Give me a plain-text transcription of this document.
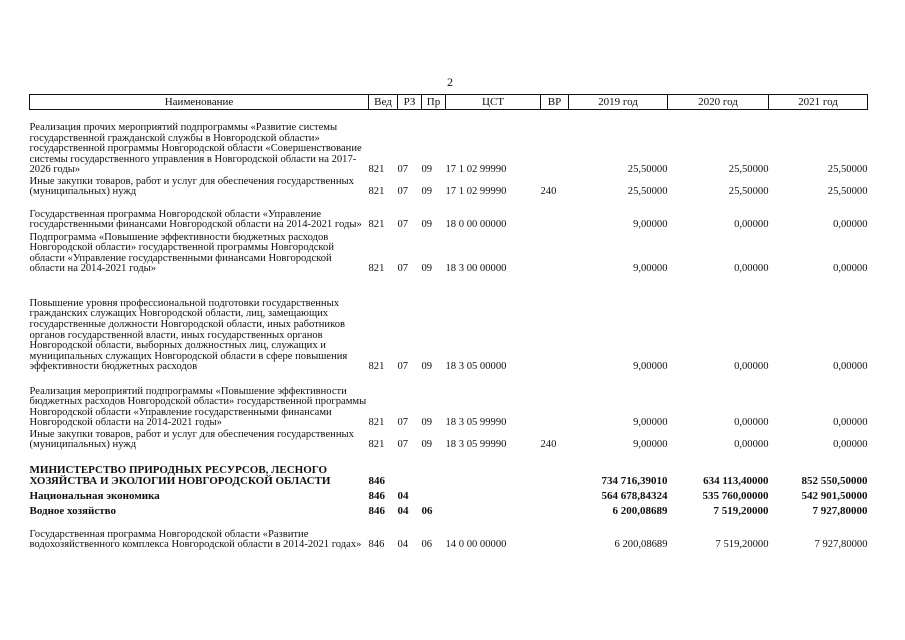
2
Наименование	Вед	РЗ	Пр	ЦСТ	ВР	2019 год	2020 год	2021 год
Реализация прочих мероприятий подпрограммы «Развитие системы государственной гражданской службы в Новгородской области» государственной программы Новгородской области «Совершенствование системы государственного управления в Новгородской области на 2017-2026 годы»	821	07	09	17 1 02 99990		25,50000	25,50000	25,50000
Иные закупки товаров, работ и услуг для обеспечения государственных (муниципальных) нужд	821	07	09	17 1 02 99990	240	25,50000	25,50000	25,50000
Государственная программа Новгородской области «Управление государственными финансами Новгородской области на 2014-2021 годы»	821	07	09	18 0 00 00000		9,00000	0,00000	0,00000
Подпрограмма «Повышение эффективности бюджетных расходов Новгородской области» государственной программы Новгородской области «Управление государственными финансами Новгородской области на 2014-2021 годы»	821	07	09	18 3 00 00000		9,00000	0,00000	0,00000
Повышение уровня профессиональной подготовки государственных гражданских служащих Новгородской области, лиц, замещающих государственные должности Новгородской области, иных работников органов государственной власти, иных государственных органов Новгородской области, выборных должностных лиц, служащих и муниципальных служащих Новгородской области в сфере повышения эффективности бюджетных расходов	821	07	09	18 3 05 00000		9,00000	0,00000	0,00000
Реализация мероприятий подпрограммы «Повышение эффективности бюджетных расходов Новгородской области» государственной программы Новгородской области «Управление государственными финансами Новгородской области на 2014-2021 годы»	821	07	09	18 3 05 99990		9,00000	0,00000	0,00000
Иные закупки товаров, работ и услуг для обеспечения государственных (муниципальных) нужд	821	07	09	18 3 05 99990	240	9,00000	0,00000	0,00000
МИНИСТЕРСТВО ПРИРОДНЫХ РЕСУРСОВ, ЛЕСНОГО ХОЗЯЙСТВА И ЭКОЛОГИИ НОВГОРОДСКОЙ ОБЛАСТИ	846					734 716,39010	634 113,40000	852 550,50000
Национальная экономика	846	04				564 678,84324	535 760,00000	542 901,50000
Водное хозяйство	846	04	06			6 200,08689	7 519,20000	7 927,80000
Государственная программа Новгородской области «Развитие водохозяйственного комплекса Новгородской области в 2014-2021 годах»	846	04	06	14 0 00 00000		6 200,08689	7 519,20000	7 927,80000
